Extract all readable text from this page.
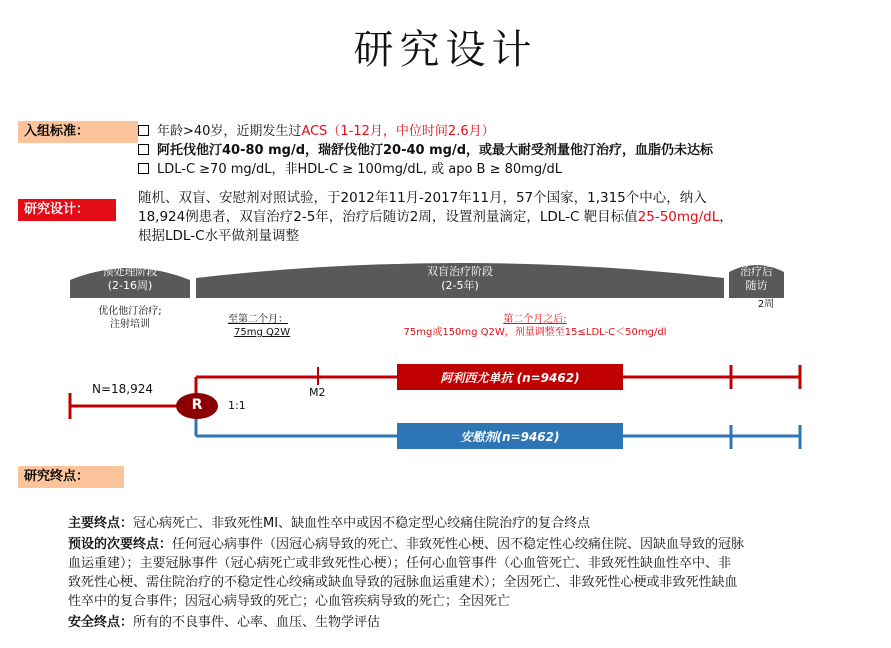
研究设计
入组标准：	年龄>40岁，近期发生过ACS（1-12月，中位时间2.6月）
阿托伐他汀40-80 mg/d，瑞舒伐他汀20-40 mg/d，或最大耐受剂量他汀治疗，血脂仍未达标
LDL-C ≥70 mg/dL，非HDL-C ≥ 100mg/dL, 或 apo B ≥ 80mg/dL
研究设计：
随机、双盲、安慰剂对照试验，于2012年11月-2017年11月，57个国家，1,315个中心，纳入
18,924例患者，双盲治疗2-5年，治疗后随访2周，设置剂量滴定，LDL-C 靶目标值25-50mg/dL，
根据LDL-C水平做剂量调整
预处理阶段
(2-16周)
双盲治疗阶段
(2-5年)
治疗后
随访
优化他汀治疗;
注射培训	至第二个月：
75mg Q2W
第二个月之后:
75mg或150mg Q2W，剂量调整至15≤LDL-C＜50mg/dl
2周
N=18,924
R	1:1
M2
阿利西尤单抗 (n=9462)
安慰剂(n=9462)
研究终点：
主要终点：冠心病死亡、非致死性MI、缺血性卒中或因不稳定型心绞痛住院治疗的复合终点
预设的次要终点：任何冠心病事件（因冠心病导致的死亡、非致死性心梗、因不稳定性心绞痛住院、因缺血导致的冠脉
血运重建）；主要冠脉事件（冠心病死亡或非致死性心梗）；任何心血管事件（心血管死亡、非致死性缺血性卒中、非
致死性心梗、需住院治疗的不稳定性心绞痛或缺血导致的冠脉血运重建术）；全因死亡、非致死性心梗或非致死性缺血
性卒中的复合事件；因冠心病导致的死亡；心血管疾病导致的死亡；全因死亡
安全终点：所有的不良事件、心率、血压、生物学评估
